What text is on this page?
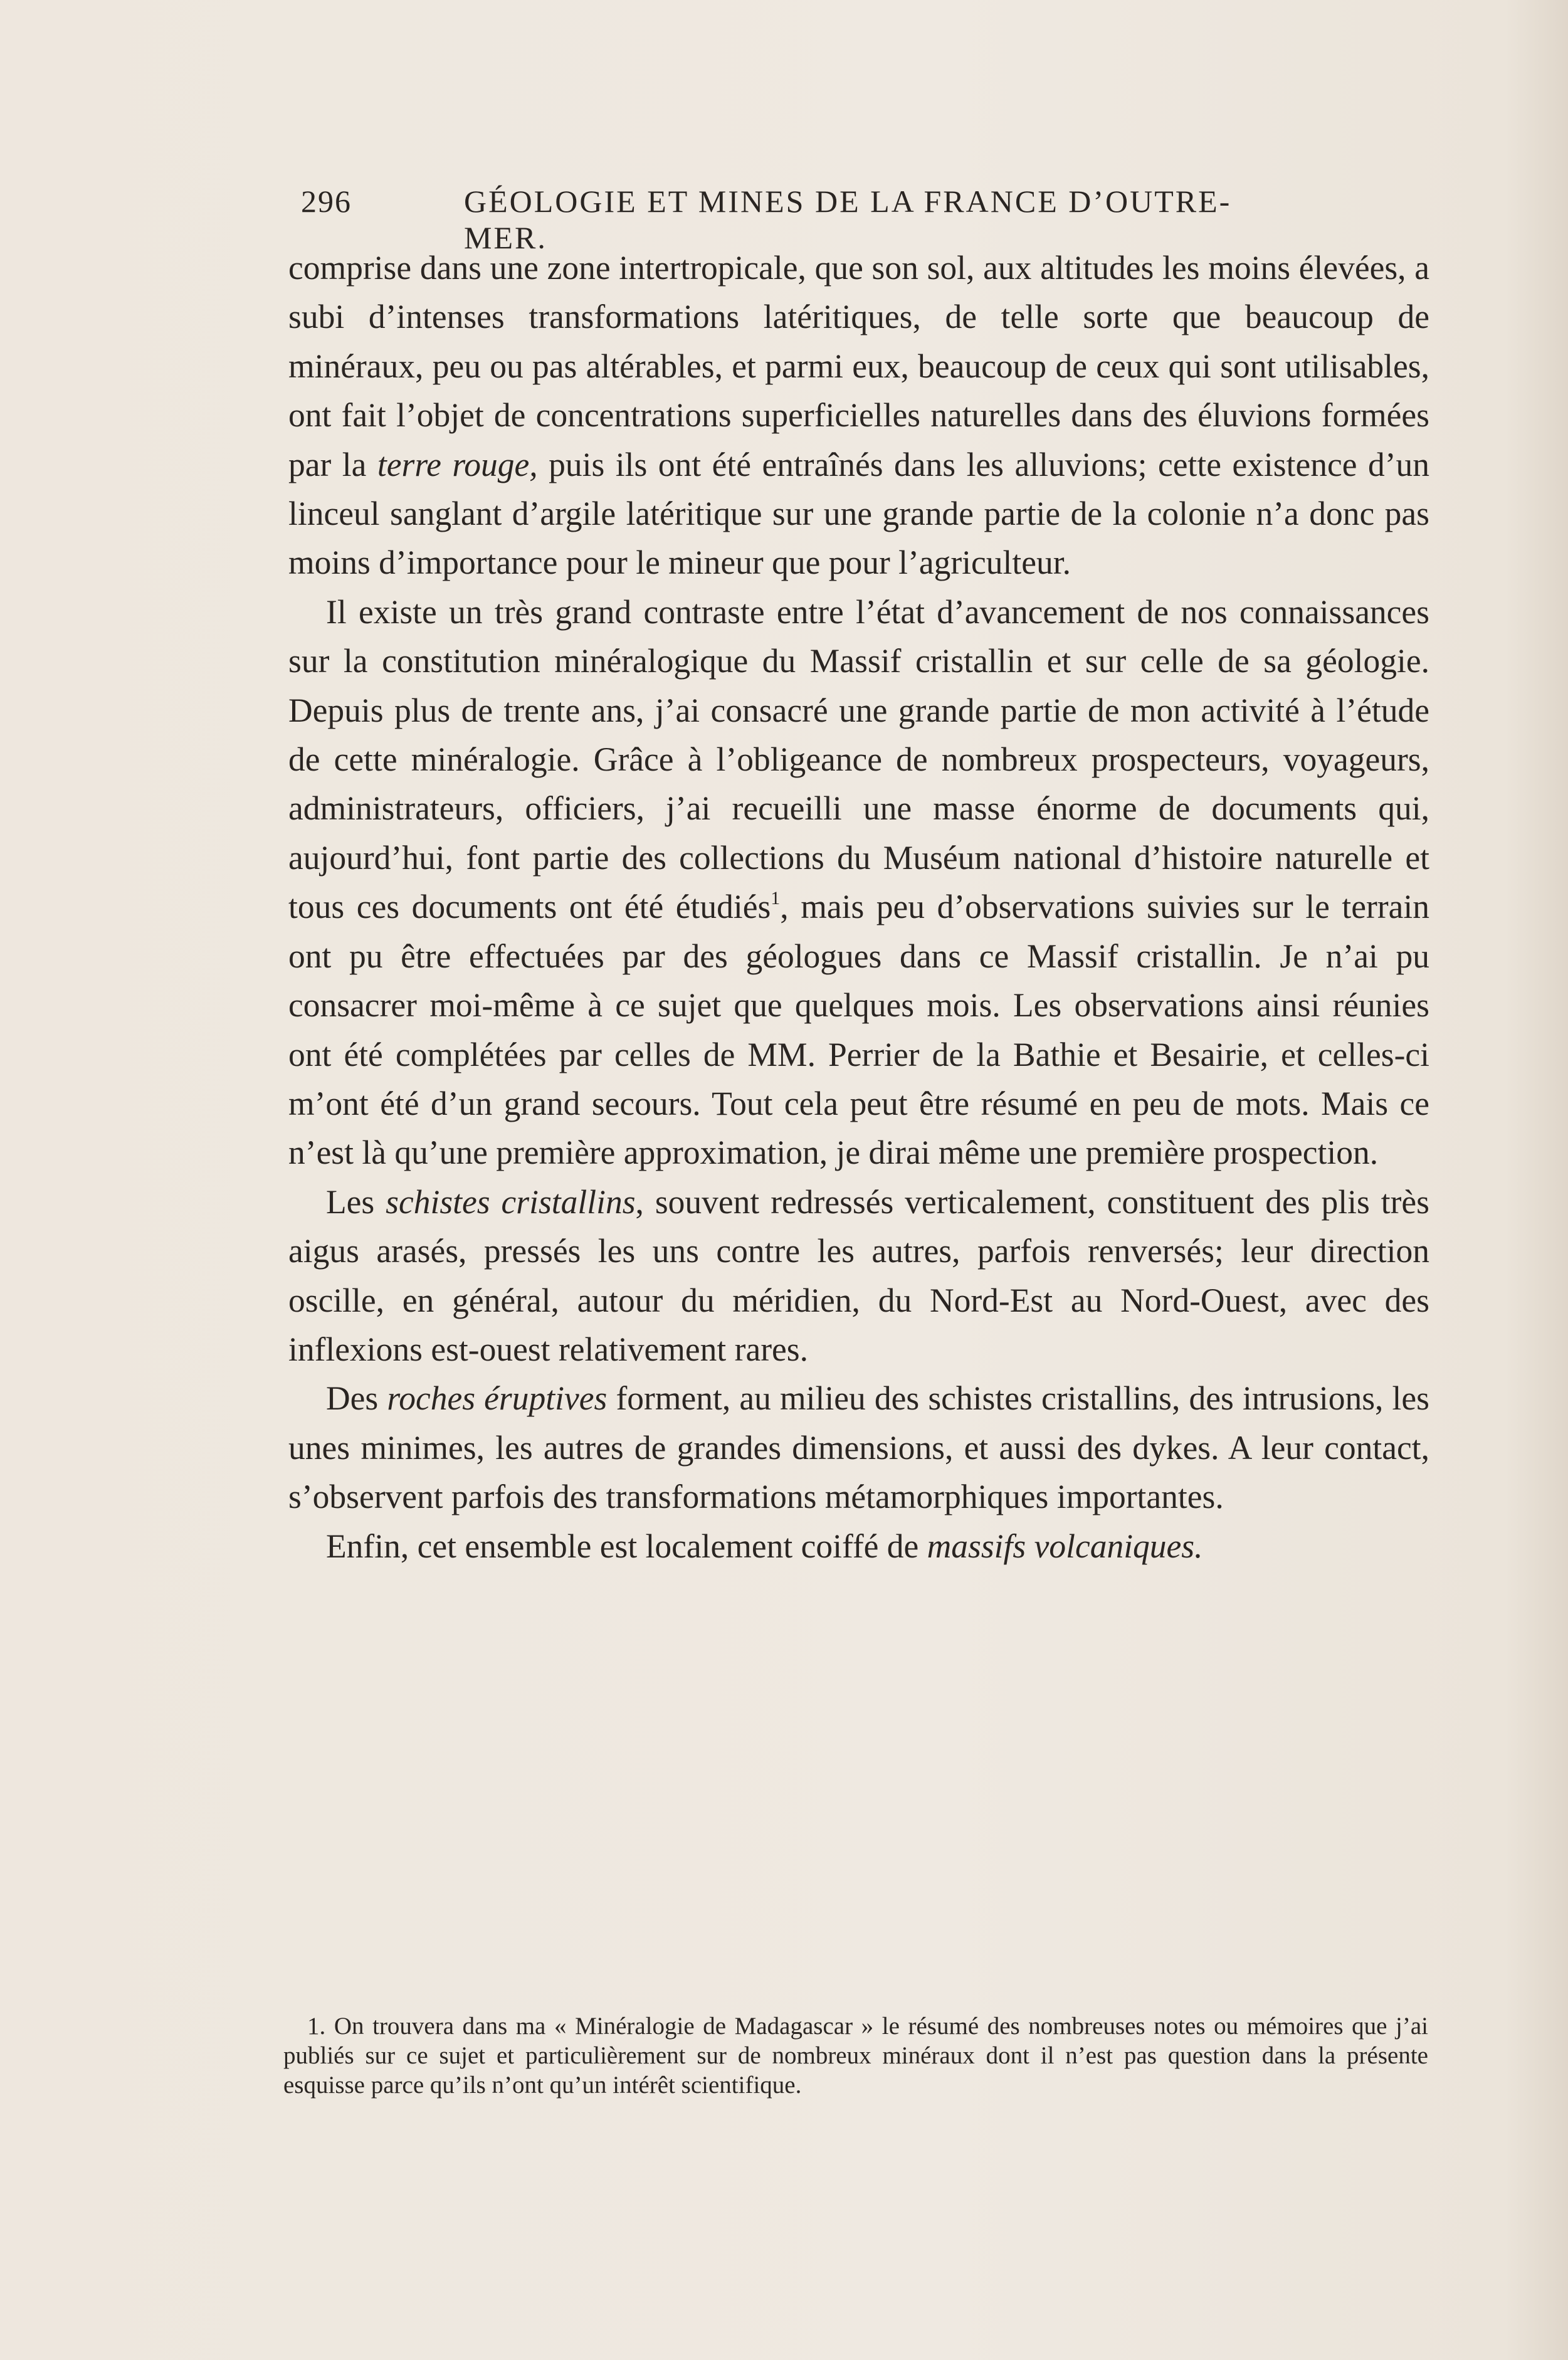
296	GÉOLOGIE ET MINES DE LA FRANCE D’OUTRE-MER.

comprise dans une zone intertropicale, que son sol, aux altitudes les moins élevées, a subi d’intenses transformations latéritiques, de telle sorte que beaucoup de minéraux, peu ou pas altérables, et parmi eux, beaucoup de ceux qui sont utilisables, ont fait l’objet de concentrations superficielles naturelles dans des éluvions formées par la terre rouge, puis ils ont été entraînés dans les alluvions; cette existence d’un linceul sanglant d’argile latéritique sur une grande partie de la colonie n’a donc pas moins d’importance pour le mineur que pour l’agriculteur.

Il existe un très grand contraste entre l’état d’avancement de nos connaissances sur la constitution minéralogique du Massif cristallin et sur celle de sa géologie. Depuis plus de trente ans, j’ai consacré une grande partie de mon activité à l’étude de cette minéralogie. Grâce à l’obligeance de nombreux prospecteurs, voyageurs, administrateurs, officiers, j’ai recueilli une masse énorme de documents qui, aujourd’hui, font partie des collections du Muséum national d’histoire naturelle et tous ces documents ont été étudiés$^1$, mais peu d’observations suivies sur le terrain ont pu être effectuées par des géologues dans ce Massif cristallin. Je n’ai pu consacrer moi-même à ce sujet que quelques mois. Les observations ainsi réunies ont été complétées par celles de MM. Perrier de la Bathie et Besairie, et celles-ci m’ont été d’un grand secours. Tout cela peut être résumé en peu de mots. Mais ce n’est là qu’une première approximation, je dirai même une première prospection.

Les schistes cristallins, souvent redressés verticalement, constituent des plis très aigus arasés, pressés les uns contre les autres, parfois renversés; leur direction oscille, en général, autour du méridien, du Nord-Est au Nord-Ouest, avec des inflexions est-ouest relativement rares.

Des roches éruptives forment, au milieu des schistes cristallins, des intrusions, les unes minimes, les autres de grandes dimensions, et aussi des dykes. A leur contact, s’observent parfois des transformations métamorphiques importantes.

Enfin, cet ensemble est localement coiffé de massifs volcaniques.

1. On trouvera dans ma « Minéralogie de Madagascar » le résumé des nombreuses notes ou mémoires que j’ai publiés sur ce sujet et particulièrement sur de nombreux minéraux dont il n’est pas question dans la présente esquisse parce qu’ils n’ont qu’un intérêt scientifique.
